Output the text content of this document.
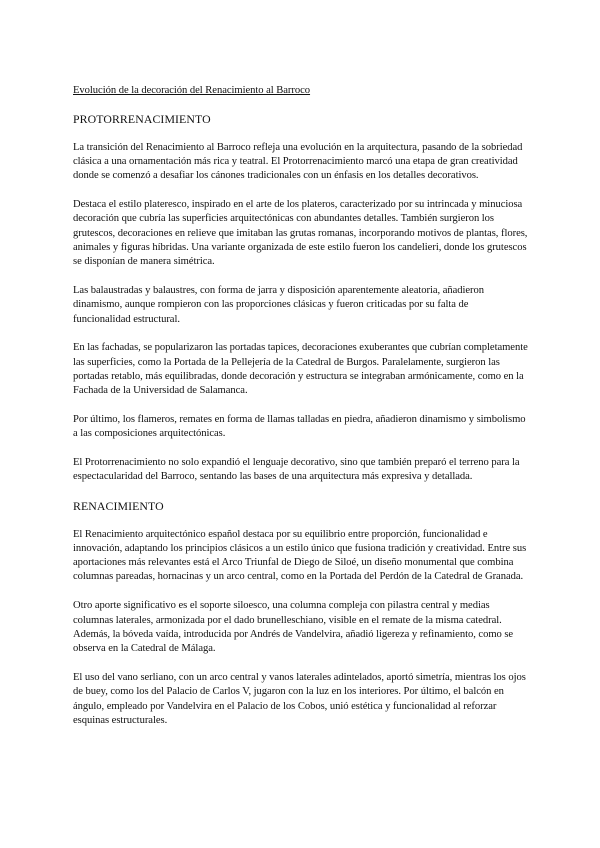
Evolución de la decoración del Renacimiento al Barroco

PROTORRENACIMIENTO

La transición del Renacimiento al Barroco refleja una evolución en la arquitectura, pasando de la sobriedad clásica a una ornamentación más rica y teatral. El Protorrenacimiento marcó una etapa de gran creatividad donde se comenzó a desafiar los cánones tradicionales con un énfasis en los detalles decorativos.

Destaca el estilo plateresco, inspirado en el arte de los plateros, caracterizado por su intrincada y minuciosa decoración que cubría las superficies arquitectónicas con abundantes detalles. También surgieron los grutescos, decoraciones en relieve que imitaban las grutas romanas, incorporando motivos de plantas, flores, animales y figuras híbridas. Una variante organizada de este estilo fueron los candelieri, donde los grutescos se disponían de manera simétrica.

Las balaustradas y balaustres, con forma de jarra y disposición aparentemente aleatoria, añadieron dinamismo, aunque rompieron con las proporciones clásicas y fueron criticadas por su falta de funcionalidad estructural.

En las fachadas, se popularizaron las portadas tapices, decoraciones exuberantes que cubrían completamente las superficies, como la Portada de la Pellejería de la Catedral de Burgos. Paralelamente, surgieron las portadas retablo, más equilibradas, donde decoración y estructura se integraban armónicamente, como en la Fachada de la Universidad de Salamanca.

Por último, los flameros, remates en forma de llamas talladas en piedra, añadieron dinamismo y simbolismo a las composiciones arquitectónicas.

El Protorrenacimiento no solo expandió el lenguaje decorativo, sino que también preparó el terreno para la espectacularidad del Barroco, sentando las bases de una arquitectura más expresiva y detallada.

RENACIMIENTO

El Renacimiento arquitectónico español destaca por su equilibrio entre proporción, funcionalidad e innovación, adaptando los principios clásicos a un estilo único que fusiona tradición y creatividad. Entre sus aportaciones más relevantes está el Arco Triunfal de Diego de Siloé, un diseño monumental que combina columnas pareadas, hornacinas y un arco central, como en la Portada del Perdón de la Catedral de Granada.

Otro aporte significativo es el soporte siloesco, una columna compleja con pilastra central y medias columnas laterales, armonizada por el dado brunelleschiano, visible en el remate de la misma catedral. Además, la bóveda vaída, introducida por Andrés de Vandelvira, añadió ligereza y refinamiento, como se observa en la Catedral de Málaga.

El uso del vano serliano, con un arco central y vanos laterales adintelados, aportó simetría, mientras los ojos de buey, como los del Palacio de Carlos V, jugaron con la luz en los interiores. Por último, el balcón en ángulo, empleado por Vandelvira en el Palacio de los Cobos, unió estética y funcionalidad al reforzar esquinas estructurales.
